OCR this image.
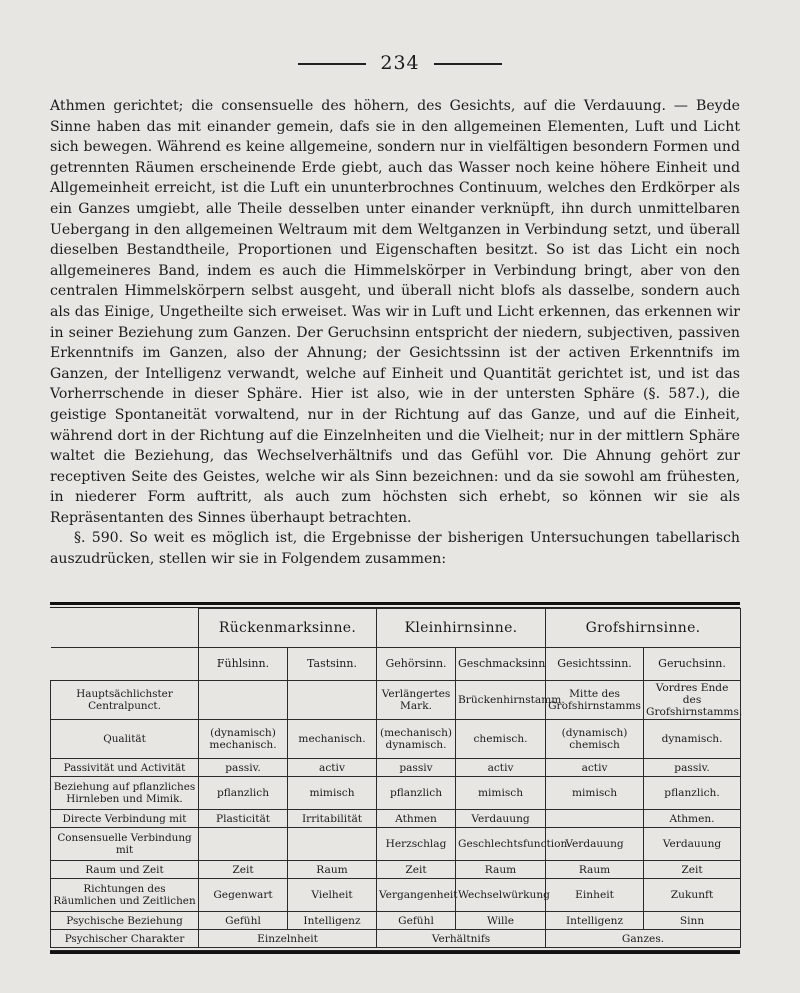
234

Athmen gerichtet; die consensuelle des höhern, des Gesichts, auf die Verdauung. — Beyde Sinne haben das mit einander gemein, dafs sie in den allgemeinen Elementen, Luft und Licht sich bewegen. Während es keine allgemeine, sondern nur in vielfältigen besondern Formen und getrennten Räumen erscheinende Erde giebt, auch das Wasser noch keine höhere Einheit und Allgemeinheit erreicht, ist die Luft ein ununterbrochnes Continuum, welches den Erdkörper als ein Ganzes umgiebt, alle Theile desselben unter einander verknüpft, ihn durch unmittelbaren Uebergang in den allgemeinen Weltraum mit dem Weltganzen in Verbindung setzt, und überall dieselben Bestandtheile, Proportionen und Eigenschaften besitzt. So ist das Licht ein noch allgemeineres Band, indem es auch die Himmelskörper in Verbindung bringt, aber von den centralen Himmelskörpern selbst ausgeht, und überall nicht blofs als dasselbe, sondern auch als das Einige, Ungetheilte sich erweiset. Was wir in Luft und Licht erkennen, das erkennen wir in seiner Beziehung zum Ganzen. Der Geruchsinn entspricht der niedern, subjectiven, passiven Erkenntnifs im Ganzen, also der Ahnung; der Gesichtssinn ist der activen Erkenntnifs im Ganzen, der Intelligenz verwandt, welche auf Einheit und Quantität gerichtet ist, und ist das Vorherrschende in dieser Sphäre. Hier ist also, wie in der untersten Sphäre (§. 587.), die geistige Spontaneität vorwaltend, nur in der Richtung auf das Ganze, und auf die Einheit, während dort in der Richtung auf die Einzelnheiten und die Vielheit; nur in der mittlern Sphäre waltet die Beziehung, das Wechselverhältnifs und das Gefühl vor. Die Ahnung gehört zur receptiven Seite des Geistes, welche wir als Sinn bezeichnen: und da sie sowohl am frühesten, in niederer Form auftritt, als auch zum höchsten sich erhebt, so können wir sie als Repräsentanten des Sinnes überhaupt betrachten.

§. 590. So weit es möglich ist, die Ergebnisse der bisherigen Untersuchungen tabellarisch auszudrücken, stellen wir sie in Folgendem zusammen:

	Rückenmarksinne.		Kleinhirnsinne.		Grofshirnsinne.	
	Fühlsinn.	Tastsinn.	Gehörsinn.	Geschmacksinn	Gesichtssinn.	Geruchsinn.
Hauptsächlichster Centralpunct.			Verlängertes Mark.	Brückenhirnstamm.	Mitte des Grofshirnstamms	Vordres Ende des Grofshirnstamms.
Qualität	(dynamisch) mechanisch.	mechanisch.	(mechanisch) dynamisch.	chemisch.	(dynamisch) chemisch	dynamisch.
Passivität und Activität	passiv.	activ	passiv	activ	activ	passiv.
Beziehung auf pflanzliches Hirnleben und Mimik.	pflanzlich	mimisch	pflanzlich	mimisch	mimisch	pflanzlich.
Directe Verbindung mit	Plasticität	Irritabilität	Athmen	Verdauung		Athmen.
Consensuelle Verbindung mit			Herzschlag	Geschlechtsfunction.	Verdauung	Verdauung
Raum und Zeit	Zeit	Raum	Zeit	Raum	Raum	Zeit
Richtungen des Räumlichen und Zeitlichen	Gegenwart	Vielheit	Vergangenheit	Wechselwürkung	Einheit	Zukunft
Psychische Beziehung	Gefühl	Intelligenz	Gefühl	Wille	Intelligenz	Sinn
Psychischer Charakter	Einzelnheit		Verhältnifs		Ganzes.	
